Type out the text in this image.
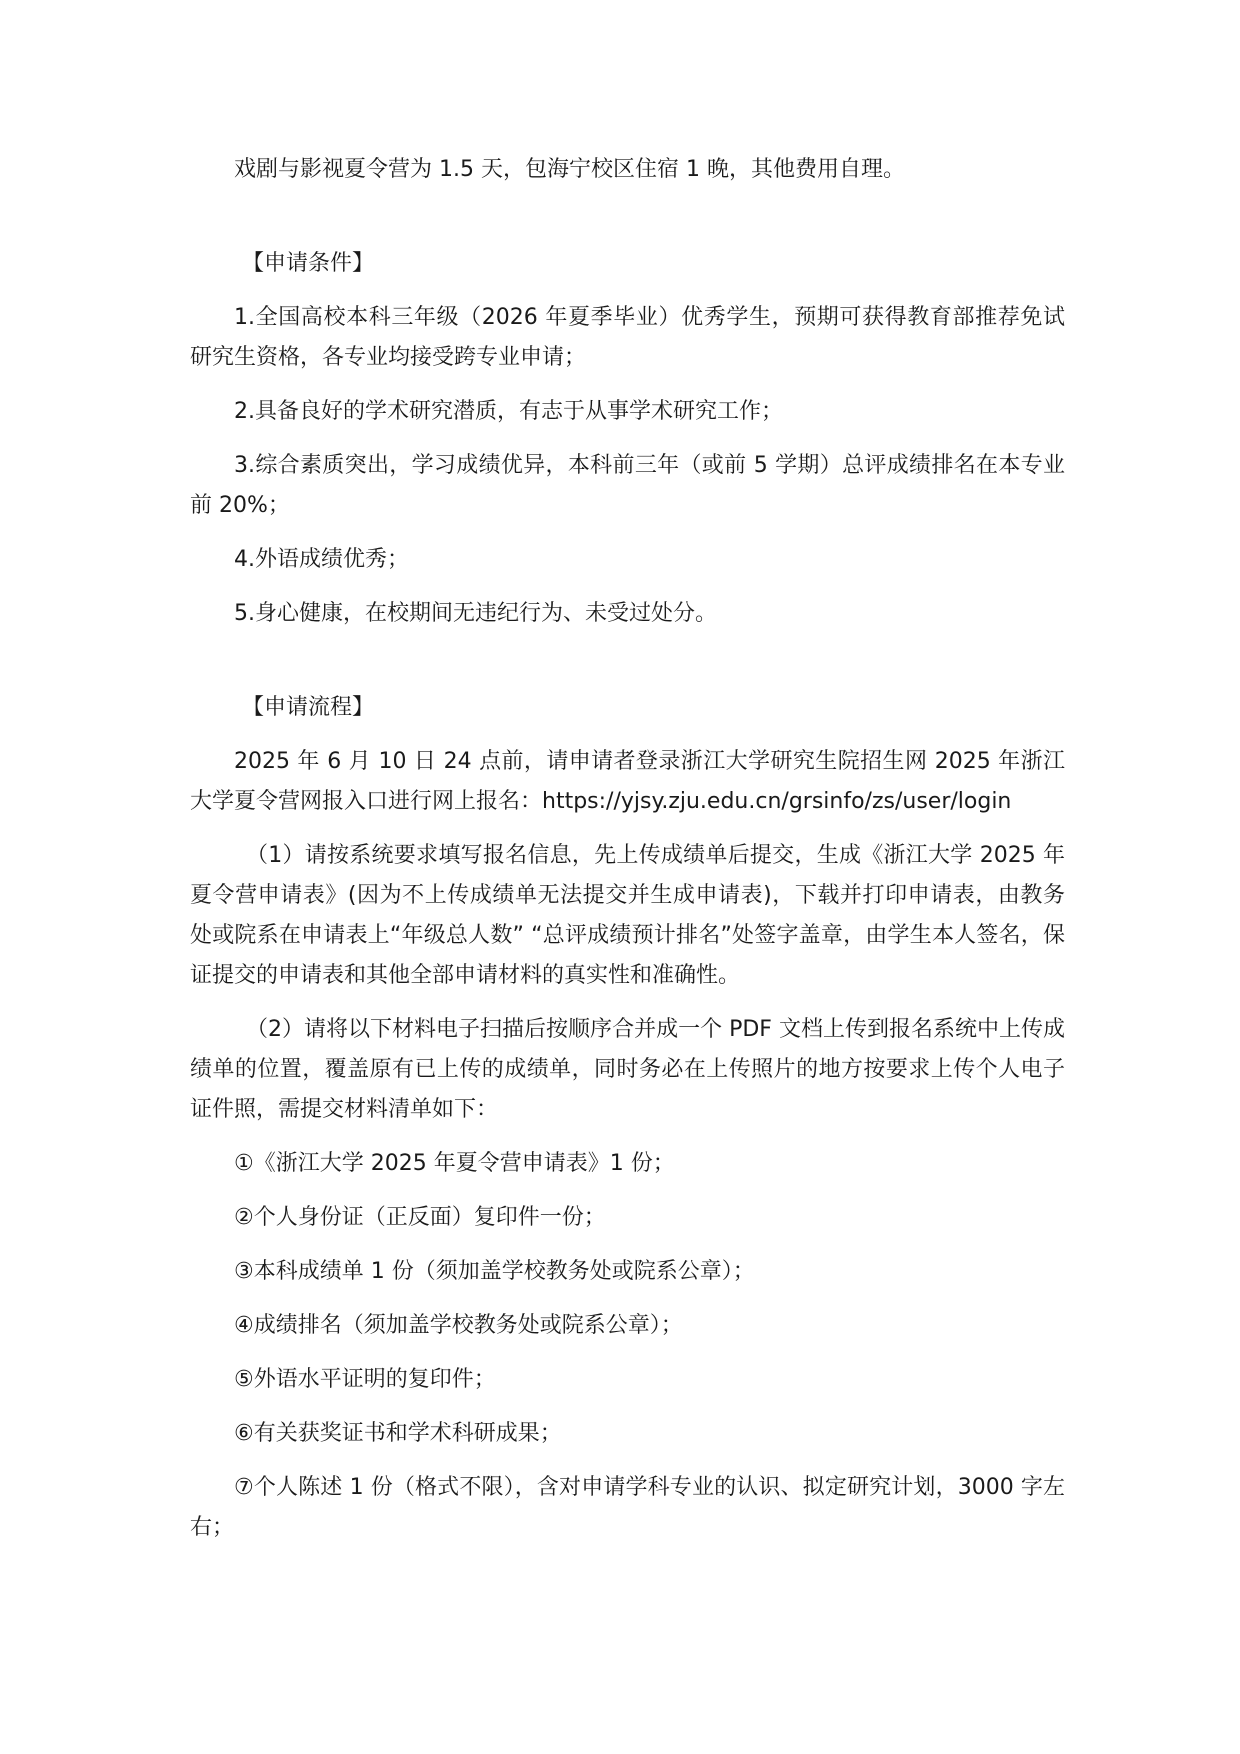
戏剧与影视夏令营为 1.5 天，包海宁校区住宿 1 晚，其他费用自理。

【申请条件】

1.全国高校本科三年级（2026 年夏季毕业）优秀学生，预期可获得教育部推荐免试研究生资格，各专业均接受跨专业申请；

2.具备良好的学术研究潜质，有志于从事学术研究工作；

3.综合素质突出，学习成绩优异，本科前三年（或前 5 学期）总评成绩排名在本专业前 20%；

4.外语成绩优秀；

5.身心健康，在校期间无违纪行为、未受过处分。

【申请流程】

2025 年 6 月 10 日 24 点前，请申请者登录浙江大学研究生院招生网 2025 年浙江大学夏令营网报入口进行网上报名：https://yjsy.zju.edu.cn/grsinfo/zs/user/login

（1）请按系统要求填写报名信息，先上传成绩单后提交，生成《浙江大学 2025 年夏令营申请表》(因为不上传成绩单无法提交并生成申请表)，下载并打印申请表，由教务处或院系在申请表上“年级总人数” “总评成绩预计排名”处签字盖章，由学生本人签名，保证提交的申请表和其他全部申请材料的真实性和准确性。

（2）请将以下材料电子扫描后按顺序合并成一个 PDF 文档上传到报名系统中上传成绩单的位置，覆盖原有已上传的成绩单，同时务必在上传照片的地方按要求上传个人电子证件照，需提交材料清单如下：

①《浙江大学 2025 年夏令营申请表》1 份；

②个人身份证（正反面）复印件一份；

③本科成绩单 1 份（须加盖学校教务处或院系公章）；

④成绩排名（须加盖学校教务处或院系公章）；

⑤外语水平证明的复印件；

⑥有关获奖证书和学术科研成果；

⑦个人陈述 1 份（格式不限），含对申请学科专业的认识、拟定研究计划，3000 字左右；
